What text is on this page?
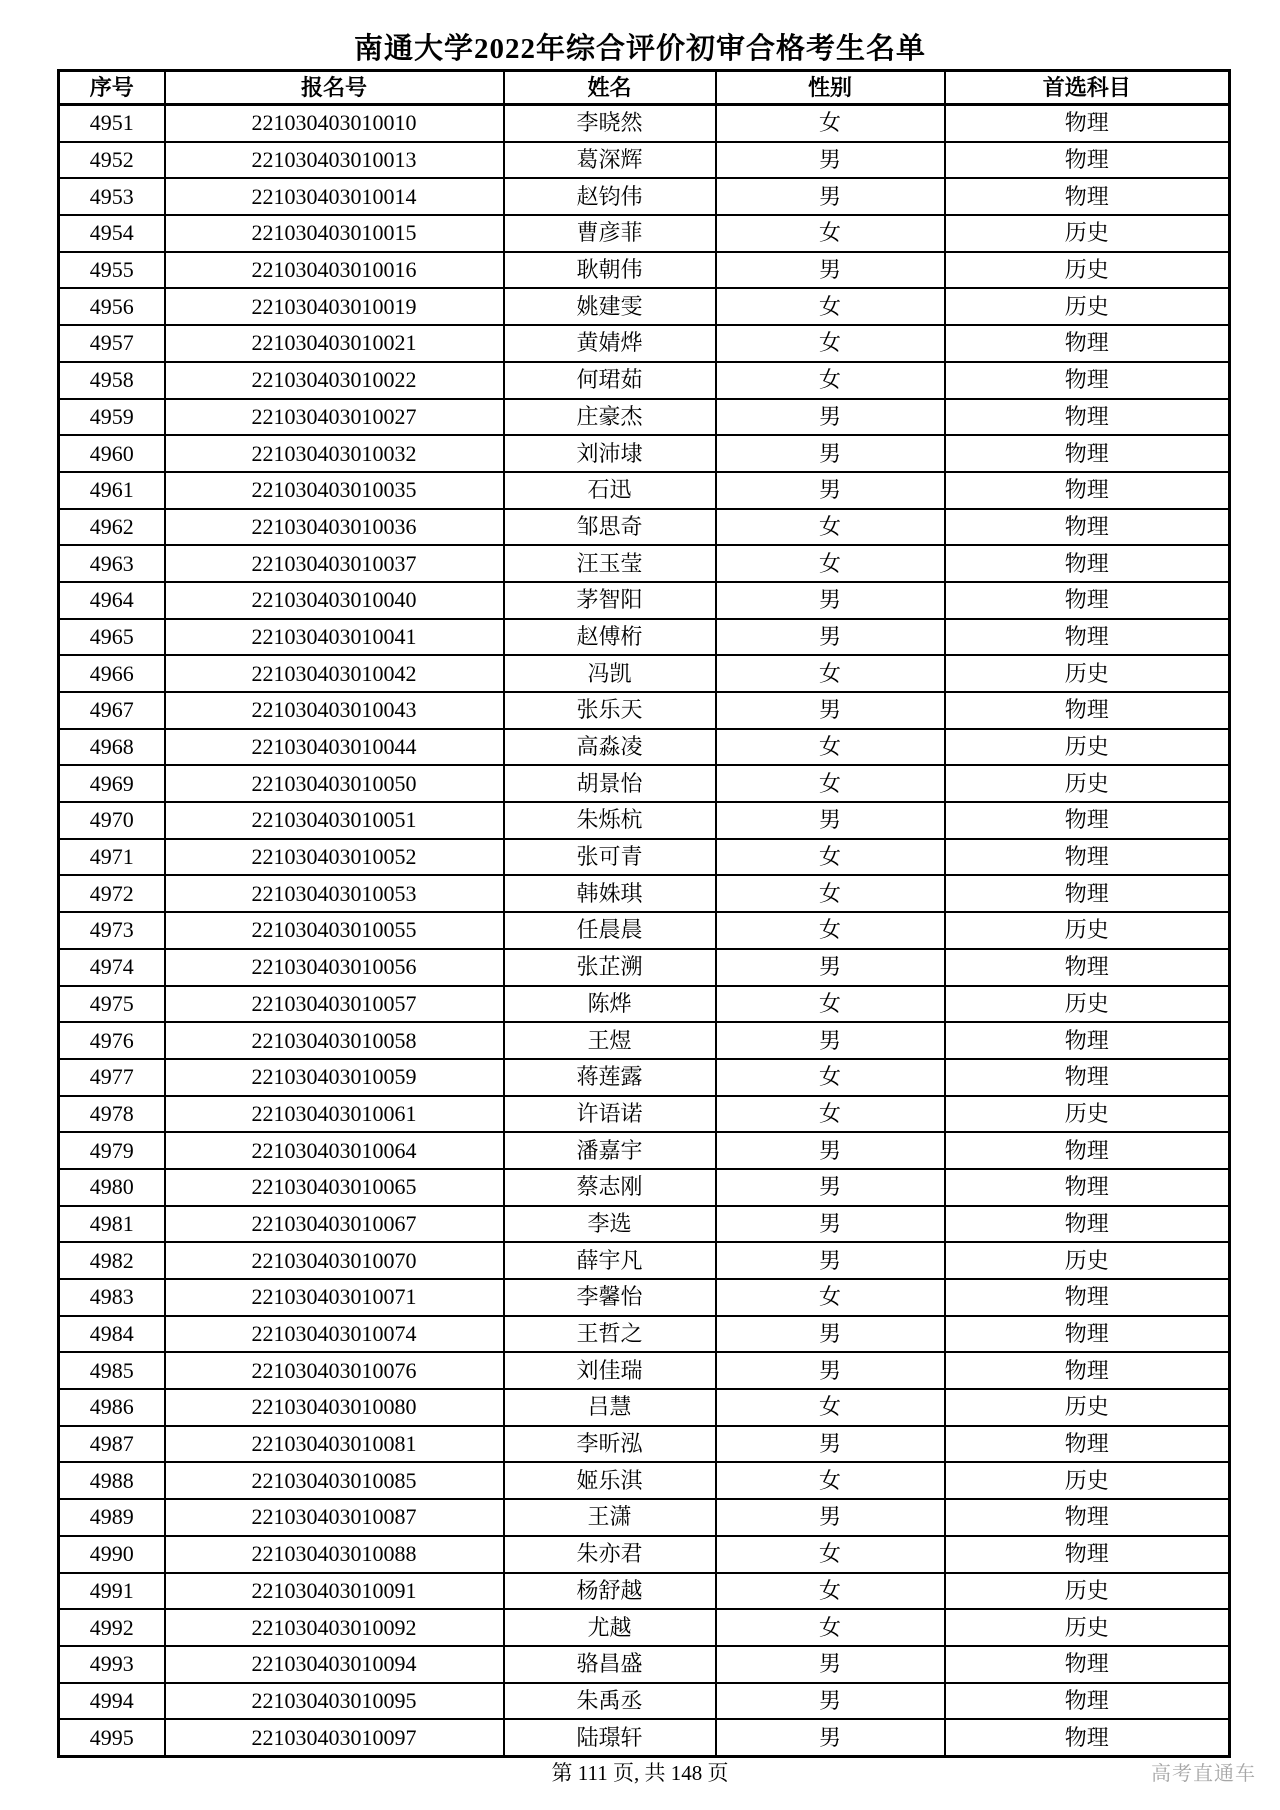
南通大学2022年综合评价初审合格考生名单
序号	报名号	姓名	性别	首选科目
4951	221030403010010	李晓然	女	物理
4952	221030403010013	葛深辉	男	物理
4953	221030403010014	赵钧伟	男	物理
4954	221030403010015	曹彦菲	女	历史
4955	221030403010016	耿朝伟	男	历史
4956	221030403010019	姚建雯	女	历史
4957	221030403010021	黄婧烨	女	物理
4958	221030403010022	何珺茹	女	物理
4959	221030403010027	庄豪杰	男	物理
4960	221030403010032	刘沛埭	男	物理
4961	221030403010035	石迅	男	物理
4962	221030403010036	邹思奇	女	物理
4963	221030403010037	汪玉莹	女	物理
4964	221030403010040	茅智阳	男	物理
4965	221030403010041	赵傅桁	男	物理
4966	221030403010042	冯凯	女	历史
4967	221030403010043	张乐天	男	物理
4968	221030403010044	高淼凌	女	历史
4969	221030403010050	胡景怡	女	历史
4970	221030403010051	朱烁杭	男	物理
4971	221030403010052	张可青	女	物理
4972	221030403010053	韩姝琪	女	物理
4973	221030403010055	任晨晨	女	历史
4974	221030403010056	张芷溯	男	物理
4975	221030403010057	陈烨	女	历史
4976	221030403010058	王煜	男	物理
4977	221030403010059	蒋莲露	女	物理
4978	221030403010061	许语诺	女	历史
4979	221030403010064	潘嘉宇	男	物理
4980	221030403010065	蔡志刚	男	物理
4981	221030403010067	李选	男	物理
4982	221030403010070	薛宇凡	男	历史
4983	221030403010071	李馨怡	女	物理
4984	221030403010074	王哲之	男	物理
4985	221030403010076	刘佳瑞	男	物理
4986	221030403010080	吕慧	女	历史
4987	221030403010081	李昕泓	男	物理
4988	221030403010085	姬乐淇	女	历史
4989	221030403010087	王潇	男	物理
4990	221030403010088	朱亦君	女	物理
4991	221030403010091	杨舒越	女	历史
4992	221030403010092	尤越	女	历史
4993	221030403010094	骆昌盛	男	物理
4994	221030403010095	朱禹丞	男	物理
4995	221030403010097	陆璟轩	男	物理
第 111 页, 共 148 页	高考直通车
